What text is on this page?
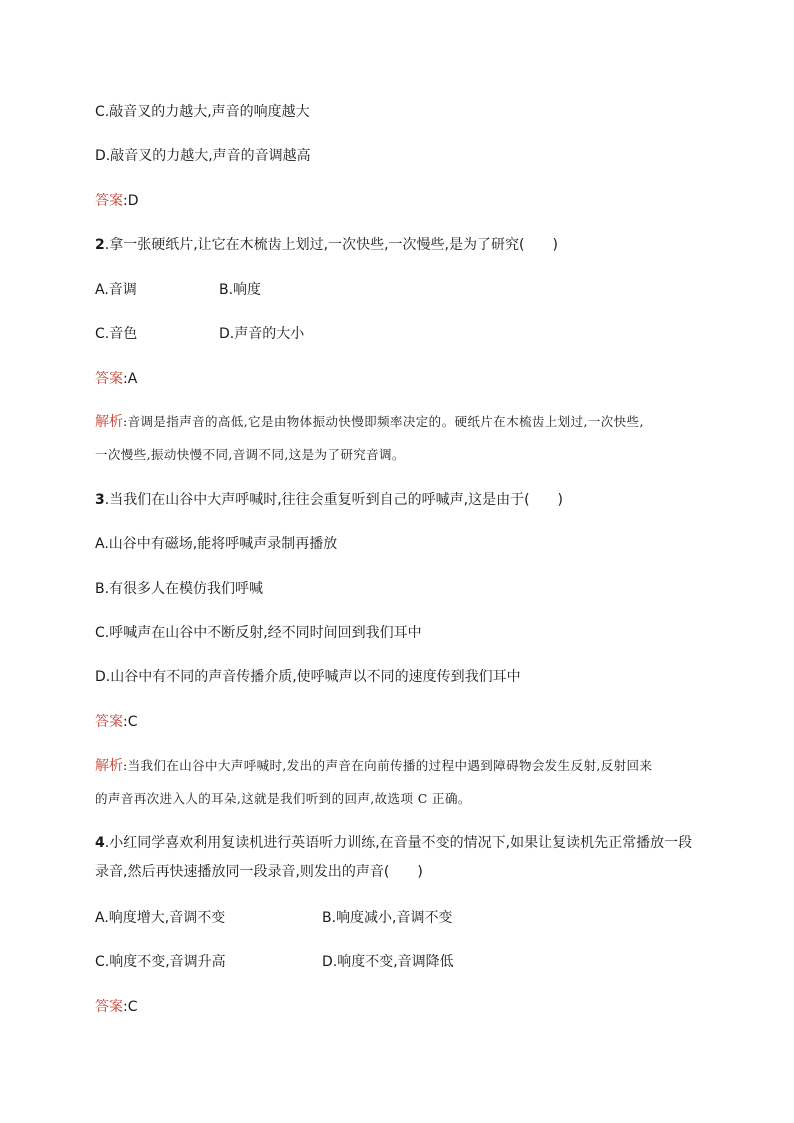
C.敲音叉的力越大,声音的响度越大
D.敲音叉的力越大,声音的音调越高
答案:D
2.拿一张硬纸片,让它在木梳齿上划过,一次快些,一次慢些,是为了研究(　　)
A.音调	B.响度
C.音色	D.声音的大小
答案:A
解析:音调是指声音的高低,它是由物体振动快慢即频率决定的。硬纸片在木梳齿上划过,一次快些,
一次慢些,振动快慢不同,音调不同,这是为了研究音调。
3.当我们在山谷中大声呼喊时,往往会重复听到自己的呼喊声,这是由于(　　)
A.山谷中有磁场,能将呼喊声录制再播放
B.有很多人在模仿我们呼喊
C.呼喊声在山谷中不断反射,经不同时间回到我们耳中
D.山谷中有不同的声音传播介质,使呼喊声以不同的速度传到我们耳中
答案:C
解析:当我们在山谷中大声呼喊时,发出的声音在向前传播的过程中遇到障碍物会发生反射,反射回来
的声音再次进入人的耳朵,这就是我们听到的回声,故选项 C 正确。
4.小红同学喜欢利用复读机进行英语听力训练,在音量不变的情况下,如果让复读机先正常播放一段
录音,然后再快速播放同一段录音,则发出的声音(　　)
A.响度增大,音调不变	B.响度减小,音调不变
C.响度不变,音调升高	D.响度不变,音调降低
答案:C
